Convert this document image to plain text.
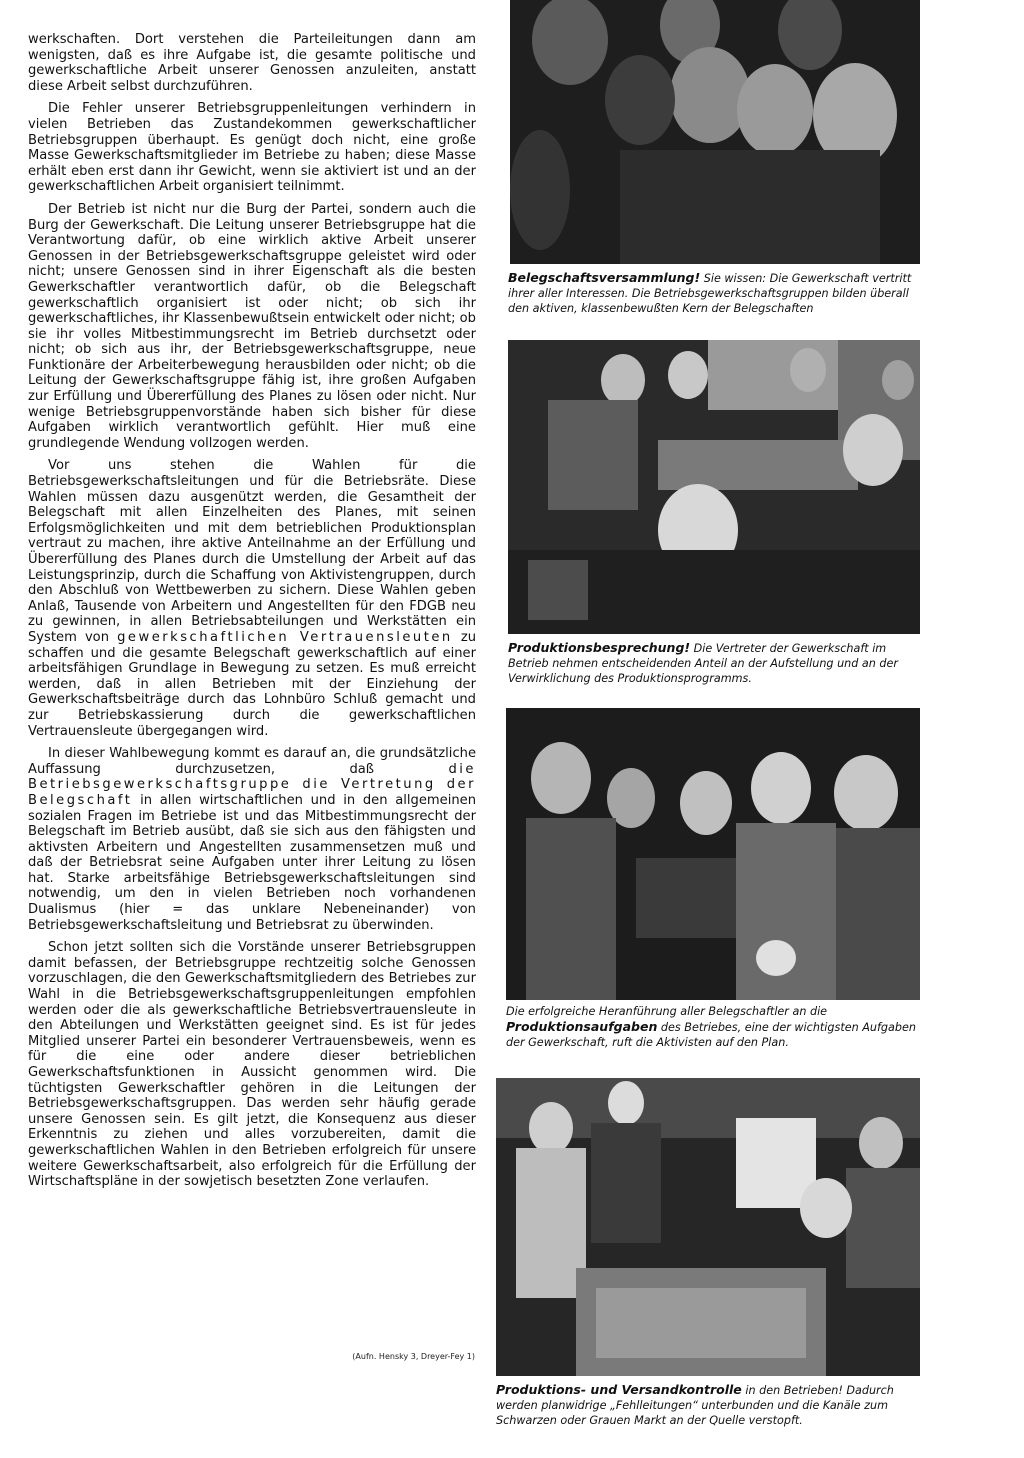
werkschaften. Dort verstehen die Parteileitungen dann am wenigsten, daß es ihre Aufgabe ist, die gesamte politische und gewerkschaftliche Arbeit unserer Genossen anzuleiten, anstatt diese Arbeit selbst durchzuführen.

Die Fehler unserer Betriebsgruppenleitungen verhindern in vielen Betrieben das Zustandekommen gewerkschaftlicher Betriebsgruppen überhaupt. Es genügt doch nicht, eine große Masse Gewerkschaftsmitglieder im Betriebe zu haben; diese Masse erhält eben erst dann ihr Gewicht, wenn sie aktiviert ist und an der gewerkschaftlichen Arbeit organisiert teilnimmt.

Der Betrieb ist nicht nur die Burg der Partei, sondern auch die Burg der Gewerkschaft. Die Leitung unserer Betriebsgruppe hat die Verantwortung dafür, ob eine wirklich aktive Arbeit unserer Genossen in der Betriebsgewerkschaftsgruppe geleistet wird oder nicht; unsere Genossen sind in ihrer Eigenschaft als die besten Gewerkschaftler verantwortlich dafür, ob die Belegschaft gewerkschaftlich organisiert ist oder nicht; ob sich ihr gewerkschaftliches, ihr Klassenbewußtsein entwickelt oder nicht; ob sie ihr volles Mitbestimmungsrecht im Betrieb durchsetzt oder nicht; ob sich aus ihr, der Betriebsgewerkschaftsgruppe, neue Funktionäre der Arbeiterbewegung herausbilden oder nicht; ob die Leitung der Gewerkschaftsgruppe fähig ist, ihre großen Aufgaben zur Erfüllung und Übererfüllung des Planes zu lösen oder nicht. Nur wenige Betriebsgruppenvorstände haben sich bisher für diese Aufgaben wirklich verantwortlich gefühlt. Hier muß eine grundlegende Wendung vollzogen werden.

Vor uns stehen die Wahlen für die Betriebsgewerkschaftsleitungen und für die Betriebsräte. Diese Wahlen müssen dazu ausgenützt werden, die Gesamtheit der Belegschaft mit allen Einzelheiten des Planes, mit seinen Erfolgsmöglichkeiten und mit dem betrieblichen Produktionsplan vertraut zu machen, ihre aktive Anteilnahme an der Erfüllung und Übererfüllung des Planes durch die Umstellung der Arbeit auf das Leistungsprinzip, durch die Schaffung von Aktivistengruppen, durch den Abschluß von Wettbewerben zu sichern. Diese Wahlen geben Anlaß, Tausende von Arbeitern und Angestellten für den FDGB neu zu gewinnen, in allen Betriebsabteilungen und Werkstätten ein System von gewerkschaftlichen Vertrauensleuten zu schaffen und die gesamte Belegschaft gewerkschaftlich auf einer arbeitsfähigen Grundlage in Bewegung zu setzen. Es muß erreicht werden, daß in allen Betrieben mit der Einziehung der Gewerkschaftsbeiträge durch das Lohnbüro Schluß gemacht und zur Betriebskassierung durch die gewerkschaftlichen Vertrauensleute übergegangen wird.

In dieser Wahlbewegung kommt es darauf an, die grundsätzliche Auffassung durchzusetzen, daß	die Betriebsgewerkschaftsgruppe die Vertretung der Belegschaft in allen wirtschaftlichen und in den allgemeinen sozialen Fragen im Betriebe ist und das Mitbestimmungsrecht der Belegschaft im Betrieb ausübt, daß sie sich aus den fähigsten und aktivsten Arbeitern und Angestellten zusammensetzen muß und daß der Betriebsrat seine Aufgaben unter ihrer Leitung zu lösen hat. Starke arbeitsfähige Betriebsgewerkschaftsleitungen sind notwendig, um den in vielen Betrieben noch vorhandenen Dualismus (hier = das unklare Nebeneinander) von Betriebsgewerkschaftsleitung und Betriebsrat zu überwinden.

Schon jetzt sollten sich die Vorstände unserer Betriebsgruppen damit befassen, der Betriebsgruppe rechtzeitig solche Genossen vorzuschlagen, die den Gewerkschaftsmitgliedern des Betriebes zur Wahl in die Betriebsgewerkschaftsgruppenleitungen empfohlen werden oder die als gewerkschaftliche Betriebsvertrauensleute in den Abteilungen und Werkstätten geeignet sind. Es ist für jedes Mitglied unserer Partei ein besonderer Vertrauensbeweis, wenn es für die eine oder andere dieser betrieblichen Gewerkschaftsfunktionen in Aussicht genommen wird. Die tüchtigsten Gewerkschaftler gehören in die Leitungen der Betriebsgewerkschaftsgruppen. Das werden sehr häufig gerade unsere Genossen sein. Es gilt jetzt, die Konsequenz aus dieser Erkenntnis zu ziehen und alles vorzubereiten, damit die gewerkschaftlichen Wahlen in den Betrieben erfolgreich für unsere weitere Gewerkschaftsarbeit, also erfolgreich für die Erfüllung der Wirtschaftspläne in der sowjetisch besetzten Zone verlaufen.

(Aufn. Hensky 3, Dreyer-Fey 1)
Belegschaftsversammlung! Sie wissen: Die Gewerkschaft vertritt ihrer aller Interessen. Die Betriebsgewerkschaftsgruppen bilden überall den aktiven, klassenbewußten Kern der Belegschaften
Produktionsbesprechung! Die Vertreter der Gewerkschaft im Betrieb nehmen entscheidenden Anteil an der Aufstellung und an der Verwirklichung des Produktionsprogramms.
Die erfolgreiche Heranführung aller Belegschaftler an die Produktionsaufgaben des Betriebes, eine der wichtigsten Aufgaben der Gewerkschaft, ruft die Aktivisten auf den Plan.
Produktions- und Versandkontrolle in den Betrieben! Dadurch werden planwidrige „Fehlleitungen“ unterbunden und die Kanäle zum Schwarzen oder Grauen Markt an der Quelle verstopft.
